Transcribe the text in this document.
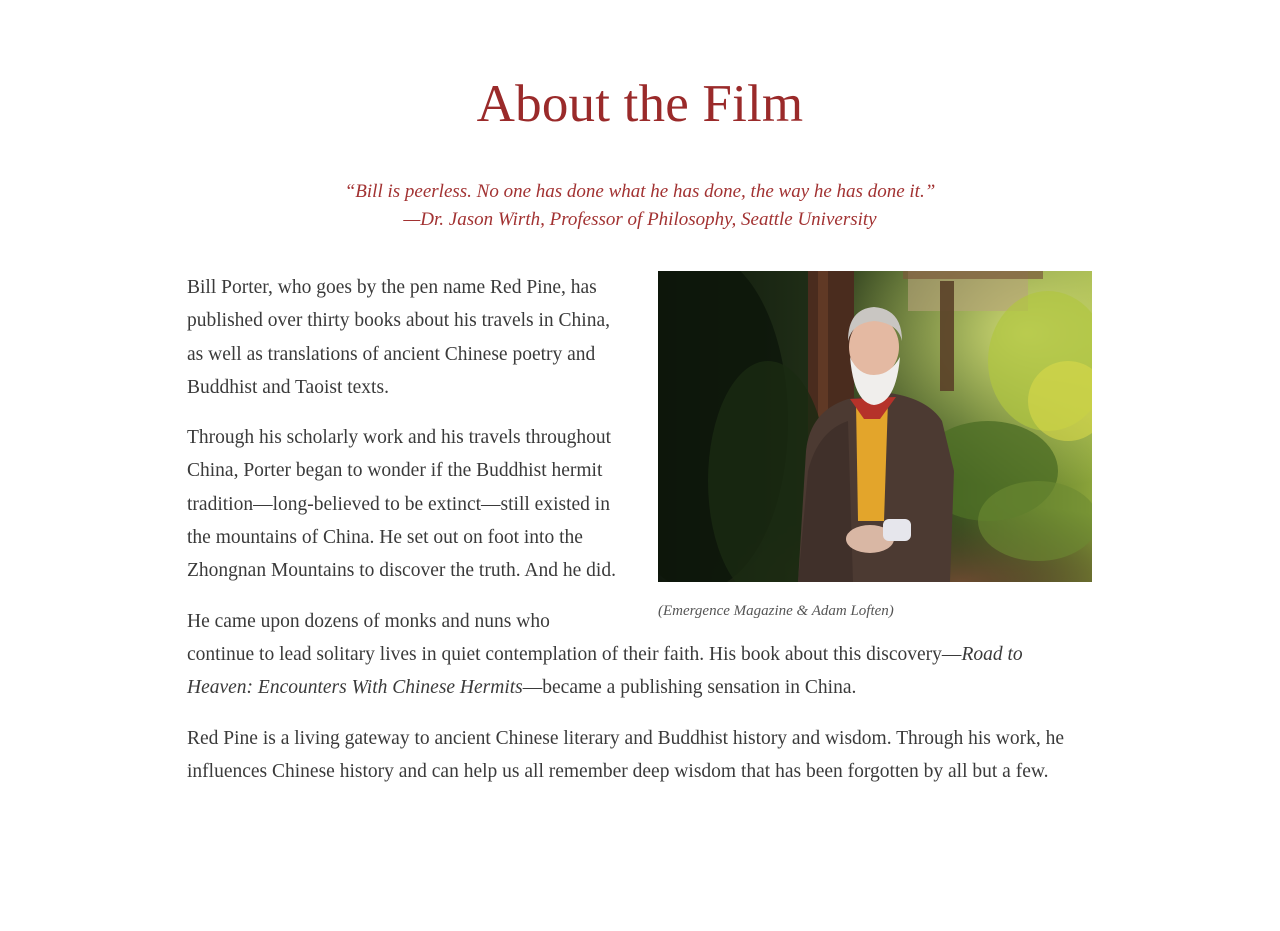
About the Film
“Bill is peerless. No one has done what he has done, the way he has done it.”
—Dr. Jason Wirth, Professor of Philosophy, Seattle University
(Emergence Magazine & Adam Loften)

Bill Porter, who goes by the pen name Red Pine, has published over thirty books about his travels in China, as well as translations of ancient Chinese poetry and Buddhist and Taoist texts.

Through his scholarly work and his travels throughout China, Porter began to wonder if the Buddhist hermit tradition—long-believed to be extinct—still existed in the mountains of China. He set out on foot into the Zhongnan Mountains to discover the truth. And he did.

He came upon dozens of monks and nuns who continue to lead solitary lives in quiet contemplation of their faith. His book about this discovery—Road to Heaven: Encounters With Chinese Hermits—became a publishing sensation in China.

Red Pine is a living gateway to ancient Chinese literary and Buddhist history and wisdom. Through his work, he influences Chinese history and can help us all remember deep wisdom that has been forgotten by all but a few.
